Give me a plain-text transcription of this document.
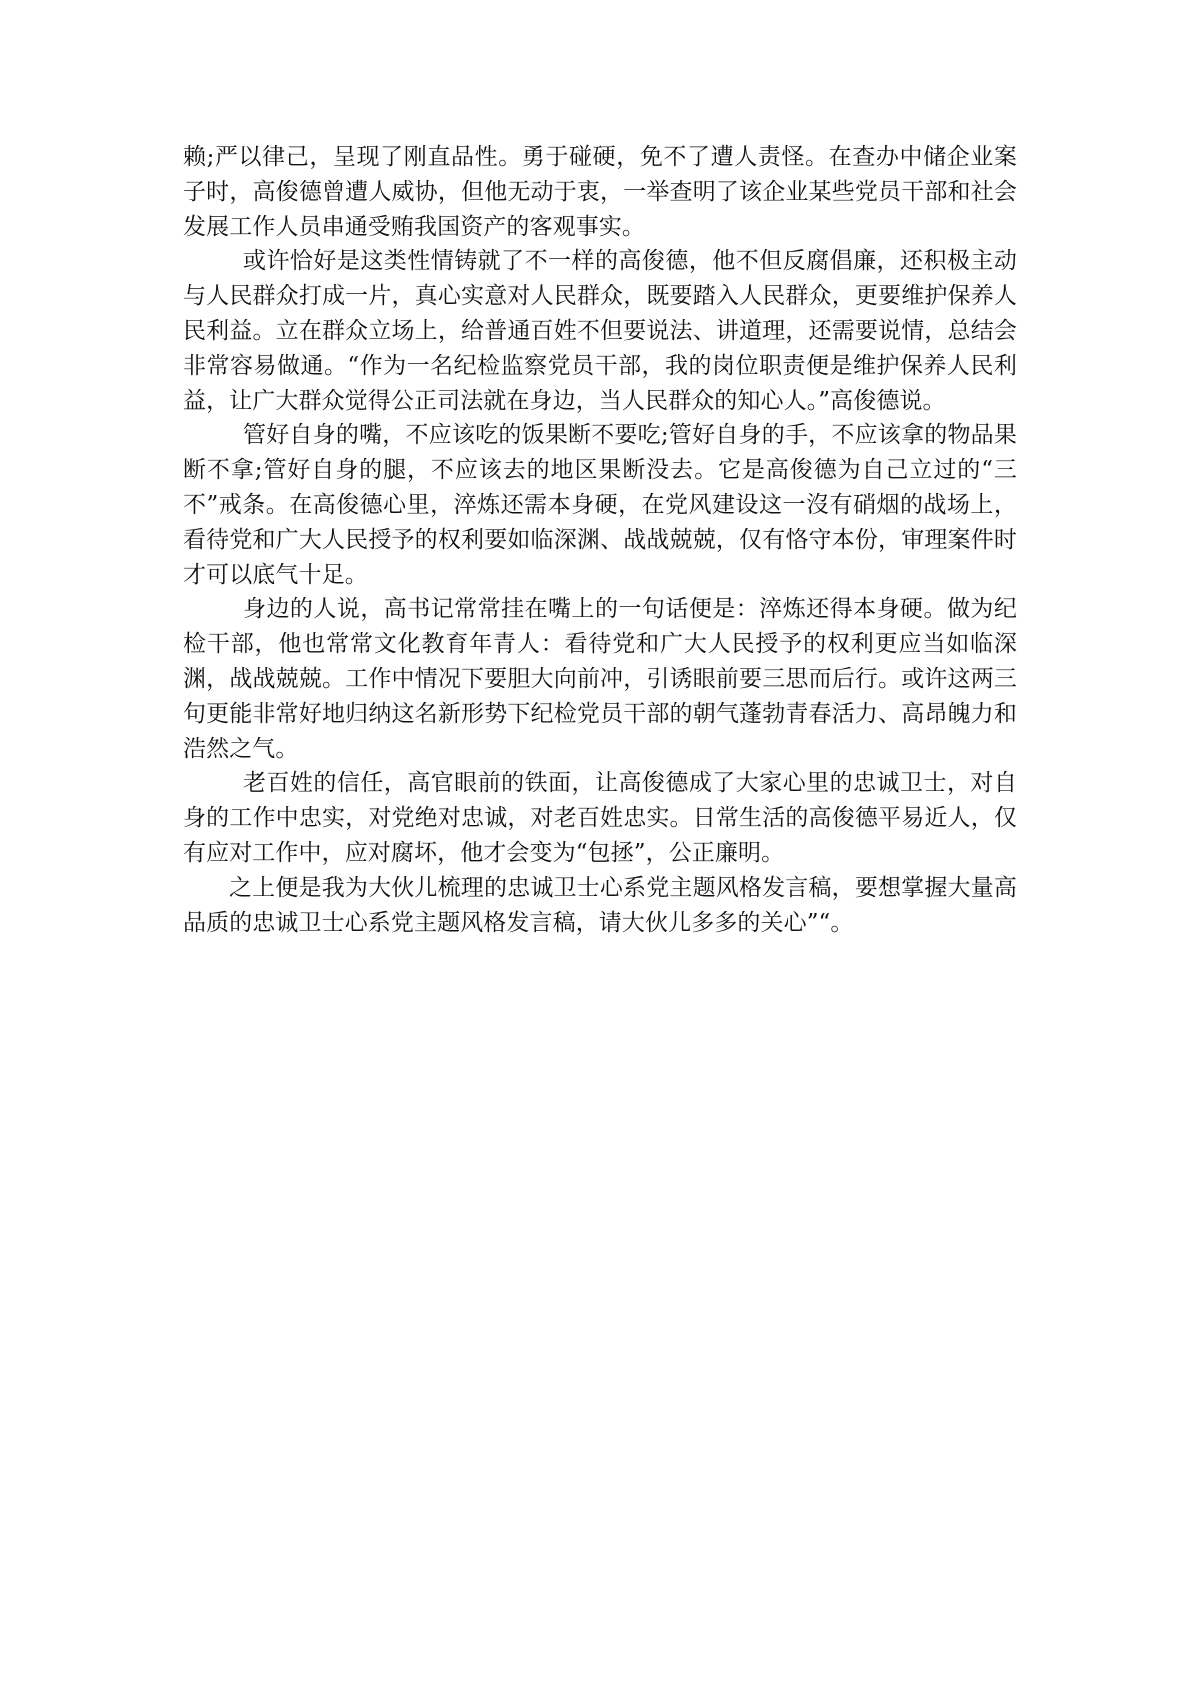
赖;严以律己，呈现了刚直品性。勇于碰硬，免不了遭人责怪。在查办中储企业案子时，高俊德曾遭人威协，但他无动于衷，一举查明了该企业某些党员干部和社会发展工作人员串通受贿我国资产的客观事实。

或许恰好是这类性情铸就了不一样的高俊德，他不但反腐倡廉，还积极主动与人民群众打成一片，真心实意对人民群众，既要踏入人民群众，更要维护保养人民利益。立在群众立场上，给普通百姓不但要说法、讲道理，还需要说情，总结会非常容易做通。“作为一名纪检监察党员干部，我的岗位职责便是维护保养人民利益，让广大群众觉得公正司法就在身边，当人民群众的知心人。”高俊德说。

管好自身的嘴，不应该吃的饭果断不要吃;管好自身的手，不应该拿的物品果断不拿;管好自身的腿，不应该去的地区果断没去。它是高俊德为自己立过的“三不”戒条。在高俊德心里，淬炼还需本身硬，在党风建设这一沒有硝烟的战场上，看待党和广大人民授予的权利要如临深渊、战战兢兢，仅有恪守本份，审理案件时才可以底气十足。

身边的人说，高书记常常挂在嘴上的一句话便是：淬炼还得本身硬。做为纪检干部，他也常常文化教育年青人：看待党和广大人民授予的权利更应当如临深渊，战战兢兢。工作中情况下要胆大向前冲，引诱眼前要三思而后行。或许这两三句更能非常好地归纳这名新形势下纪检党员干部的朝气蓬勃青春活力、高昂魄力和浩然之气。

老百姓的信任，高官眼前的铁面，让高俊德成了大家心里的忠诚卫士，对自身的工作中忠实，对党绝对忠诚，对老百姓忠实。日常生活的高俊德平易近人，仅有应对工作中，应对腐坏，他才会变为“包拯”，公正廉明。

之上便是我为大伙儿梳理的忠诚卫士心系党主题风格发言稿，要想掌握大量高品质的忠诚卫士心系党主题风格发言稿，请大伙儿多多的关心”“。
